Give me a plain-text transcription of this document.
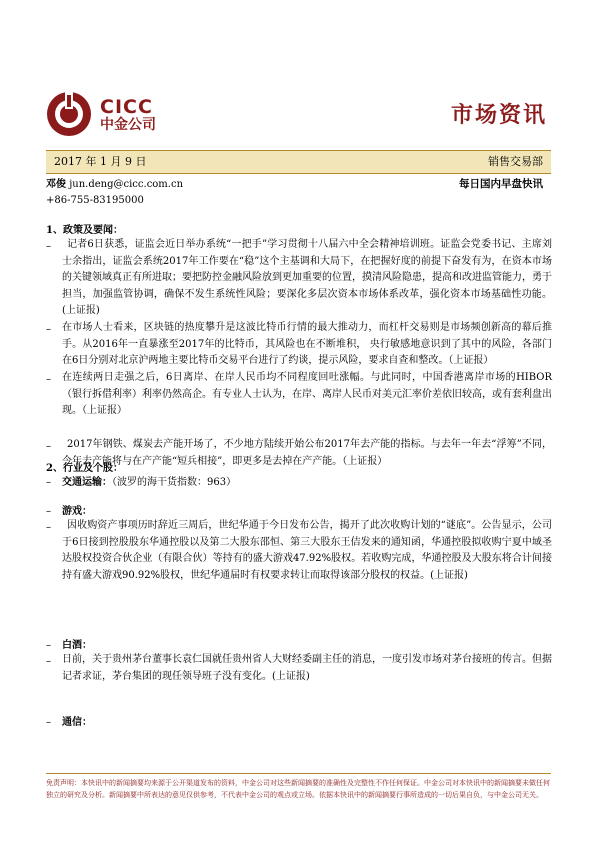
CICC
中金公司	市场资讯
2017 年 1 月 9 日	销售交易部
邓俊 jun.deng@cicc.com.cn
+86-755-83195000
每日国内早盘快讯
1、政策及要闻：
–	记者6日获悉，证监会近日举办系统“一把手”学习贯彻十八届六中全会精神培训班。证监会党委书记、主席刘士余指出，证监会系统2017年工作要在“稳”这个主基调和大局下，在把握好度的前提下奋发有为，在资本市场的关键领域真正有所进取；要把防控金融风险放到更加重要的位置，摸清风险隐患，提高和改进监管能力，勇于担当，加强监管协调，确保不发生系统性风险；要深化多层次资本市场体系改革，强化资本市场基础性功能。(上证报)
– 在市场人士看来，区块链的热度攀升是这波比特币行情的最大推动力，而杠杆交易则是市场频创新高的幕后推手。从2016年一直暴涨至2017年的比特币，其风险也在不断堆积， 央行敏感地意识到了其中的风险，各部门在6日分别对北京沪两地主要比特币交易平台进行了约谈，提示风险，要求自查和整改。（上证报）
– 在连续两日走强之后，6日离岸、在岸人民币均不同程度回吐涨幅。与此同时，中国香港离岸市场的HIBOR（银行拆借利率）利率仍然高企。有专业人士认为，在岸、离岸人民币对美元汇率价差依旧较高，或有套利盘出现。（上证报）
–	2017年钢铁、煤炭去产能开场了，不少地方陆续开始公布2017年去产能的指标。与去年一年去“浮筹”不同，今年去产能将与在产产能“短兵相接”，即更多是去掉在产产能。（上证报）
2、行业及个股：
– 交通运输：（波罗的海干货指数：963）
– 游戏：
–	因收购资产事项历时辞近三周后，世纪华通于今日发布公告，揭开了此次收购计划的“谜底”。公告显示，公司于6日接到控股股东华通控股以及第二大股东邵恒、第三大股东王佶发来的通知函，华通控股拟收购宁夏中域圣达股权投资合伙企业（有限合伙）等持有的盛大游戏47.92%股权。若收购完成，华通控股及大股东将合计间接持有盛大游戏90.92%股权，世纪华通届时有权要求转让而取得该部分股权的权益。(上证报)
– 白酒：
– 日前，关于贵州茅台董事长袁仁国就任贵州省人大财经委副主任的消息，一度引发市场对茅台接班的传言。但据记者求证，茅台集团的现任领导班子没有变化。(上证报)
– 通信：
免责声明：本快讯中的新闻摘要均来源于公开渠道发布的资料，中金公司对这些新闻摘要的准确性及完整性不作任何保证。中金公司对本快讯中的新闻摘要未做任何独立的研究及分析。新闻摘要中所表达的意见仅供参考，不代表中金公司的观点或立场。依据本快讯中的新闻摘要行事所造成的一切后果自负，与中金公司无关。
